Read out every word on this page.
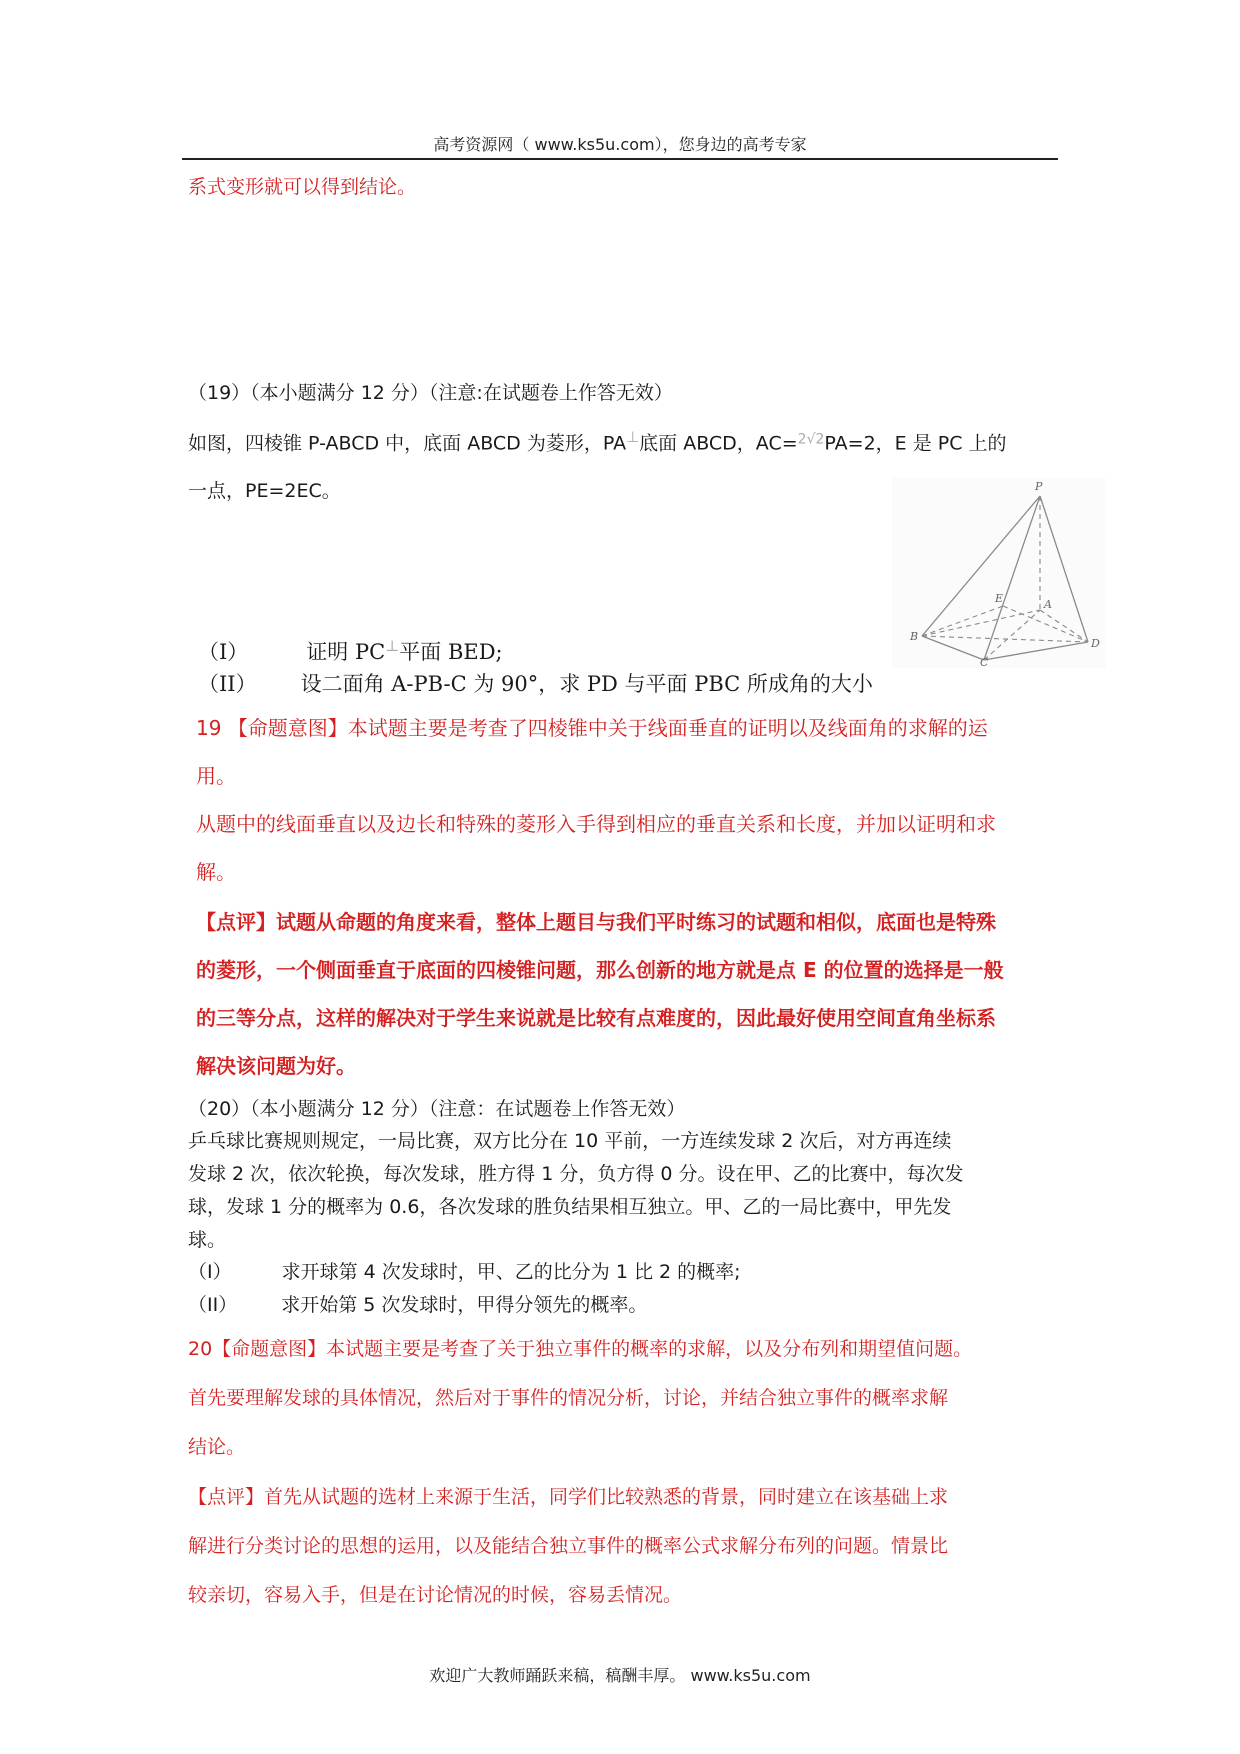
高考资源网（ www.ks5u.com），您身边的高考专家
系式变形就可以得到结论。
（19）（本小题满分 12 分）（注意:在试题卷上作答无效）
如图，四棱锥 P-ABCD 中，底面 ABCD 为菱形，PA⊥底面 ABCD，AC=$^{2√2}$PA=2，E 是 PC 上的
一点，PE=2EC。	P
A
B
C
D
E
（I）	证明 PC⊥平面 BED;
（II） 设二面角 A-PB-C 为 90°，求 PD 与平面 PBC 所成角的大小
19 【命题意图】本试题主要是考查了四棱锥中关于线面垂直的证明以及线面角的求解的运
用。
从题中的线面垂直以及边长和特殊的菱形入手得到相应的垂直关系和长度，并加以证明和求
解。
【点评】试题从命题的角度来看，整体上题目与我们平时练习的试题和相似，底面也是特殊
的菱形，一个侧面垂直于底面的四棱锥问题，那么创新的地方就是点 E 的位置的选择是一般
的三等分点，这样的解决对于学生来说就是比较有点难度的，因此最好使用空间直角坐标系
解决该问题为好。
（20）（本小题满分 12 分）（注意：在试题卷上作答无效）
乒乓球比赛规则规定，一局比赛，双方比分在 10 平前，一方连续发球 2 次后，对方再连续
发球 2 次，依次轮换，每次发球，胜方得 1 分，负方得 0 分。设在甲、乙的比赛中，每次发
球，发球 1 分的概率为 0.6，各次发球的胜负结果相互独立。甲、乙的一局比赛中，甲先发
球。
（I）	求开球第 4 次发球时，甲、乙的比分为 1 比 2 的概率;
（II） 求开始第 5 次发球时，甲得分领先的概率。
20【命题意图】本试题主要是考查了关于独立事件的概率的求解，以及分布列和期望值问题。
首先要理解发球的具体情况，然后对于事件的情况分析，讨论，并结合独立事件的概率求解
结论。
【点评】首先从试题的选材上来源于生活，同学们比较熟悉的背景，同时建立在该基础上求
解进行分类讨论的思想的运用，以及能结合独立事件的概率公式求解分布列的问题。情景比
较亲切，容易入手，但是在讨论情况的时候，容易丢情况。
欢迎广大教师踊跃来稿，稿酬丰厚。 www.ks5u.com
